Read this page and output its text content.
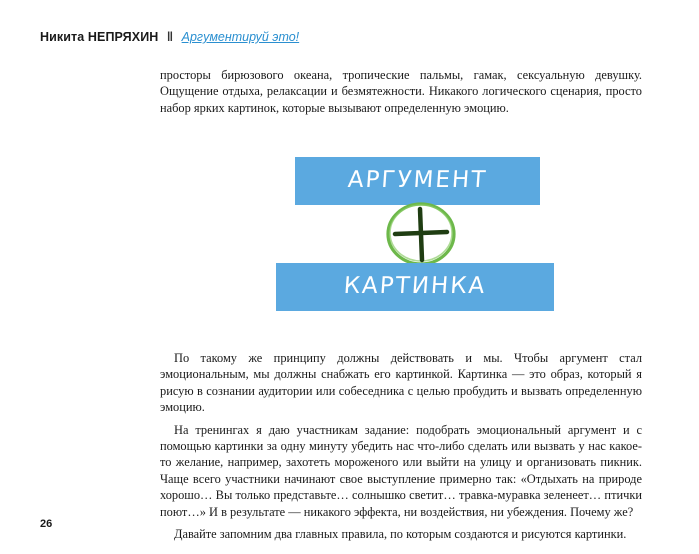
Никита НЕПРЯХИН ‖ Аргументируй это!

просторы бирюзового океана, тропические пальмы, гамак, сексуальную девушку. Ощущение отдыха, релаксации и безмятежности. Никакого логического сценария, просто набор ярких картинок, которые вызывают определенную эмоцию.

АРГУМЕНТ
КАРТИНКА

По такому же принципу должны действовать и мы. Чтобы аргумент стал эмоциональным, мы должны снабжать его картинкой. Картинка — это образ, который я рисую в сознании аудитории или собеседника с целью пробудить и вызвать определенную эмоцию.

На тренингах я даю участникам задание: подобрать эмоциональный аргумент и с помощью картинки за одну минуту убедить нас что-либо сделать или вызвать у нас какое-то желание, например, захотеть мороженого или выйти на улицу и организовать пикник. Чаще всего участники начинают свое выступление примерно так: «Отдыхать на природе хорошо… Вы только представьте… солнышко светит… травка-муравка зеленеет… птички поют…» И в результате — никакого эффекта, ни воздействия, ни убеждения. Почему же?

Давайте запомним два главных правила, по которым создаются и рисуются картинки.

26
